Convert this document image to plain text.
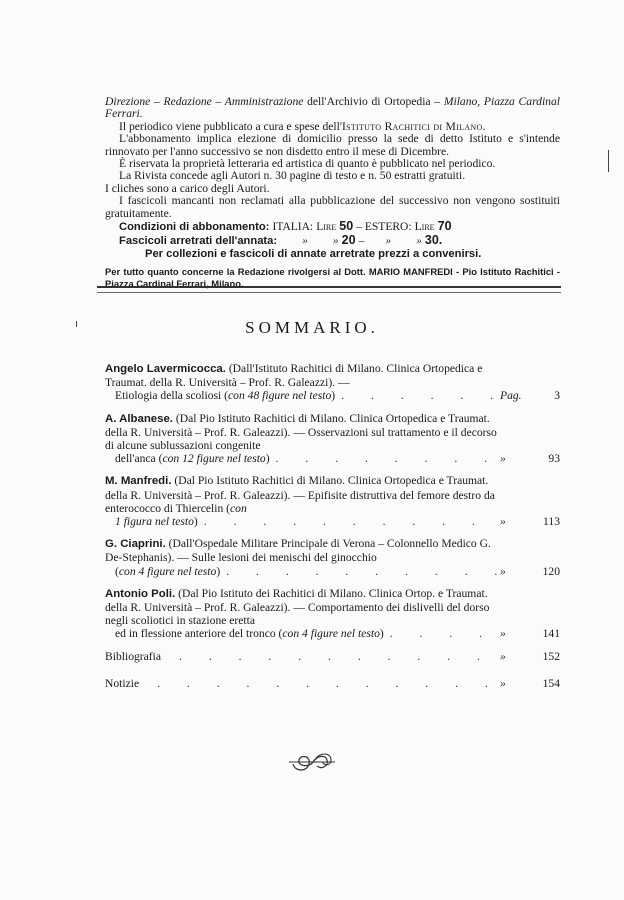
Direzione – Redazione – Amministrazione dell'Archivio di Ortopedia – Milano, Piazza Cardinal Ferrari.

Il periodico viene pubblicato a cura e spese dell'Istituto Rachitici di Milano.

L'abbonamento implica elezione di domicilio presso la sede di detto Istituto e s'intende rinnovato per l'anno successivo se non disdetto entro il mese di Dicembre.

È riservata la proprietà letteraria ed artistica di quanto è pubblicato nel periodico.

La Rivista concede agli Autori n. 30 pagine di testo e n. 50 estratti gratuiti.

I cliches sono a carico degli Autori.

I fascicoli mancanti non reclamati alla pubblicazione del successivo non vengono sostituiti gratuitamente.

Condizioni di abbonamento: ITALIA: Lire 50 – ESTERO: Lire 70

Fascicoli arretrati dell'annata: » » 20 – » » 30.

Per collezioni e fascicoli di annate arretrate prezzi a convenirsi.

Per tutto quanto concerne la Redazione rivolgersi al Dott. MARIO MANFREDI - Pio Istituto Rachitici - Piazza Cardinal Ferrari, Milano.

SOMMARIO.
Angelo Lavermicocca. (Dall'Istituto Rachitici di Milano. Clinica Ortopedica e Traumat. della R. Università – Prof. R. Galeazzi). —
Etiologia della scoliosi (con 48 figure nel testo) . . .	Pag.	3
A. Albanese. (Dal Pio Istituto Rachitici di Milano. Clinica Ortopedica e Traumat. della R. Università – Prof. R. Galeazzi). — Osservazioni sul trattamento e il decorso di alcune sublussazioni congenite
dell'anca (con 12 figure nel testo) . . .	»	93
M. Manfredi. (Dal Pio Istituto Rachitici di Milano. Clinica Ortopedica e Traumat. della R. Università – Prof. R. Galeazzi). — Epifisite distruttiva del femore destro da enterococco di Thiercelin (con
1 figura nel testo) . . .	»	113
G. Ciaprini. (Dall'Ospedale Militare Principale di Verona – Colonnello Medico G. De-Stephanis). — Sulle lesioni dei menischi del ginocchio
(con 4 figure nel testo) . . .	»	120
Antonio Poli. (Dal Pio Istituto dei Rachitici di Milano. Clinica Ortop. e Traumat. della R. Università – Prof. R. Galeazzi). — Comportamento dei dislivelli del dorso negli scoliotici in stazione eretta
ed in flessione anteriore del tronco (con 4 figure nel testo) . . .	»	141
Bibliografia . . .	»	152
Notizie . . .	»	154
